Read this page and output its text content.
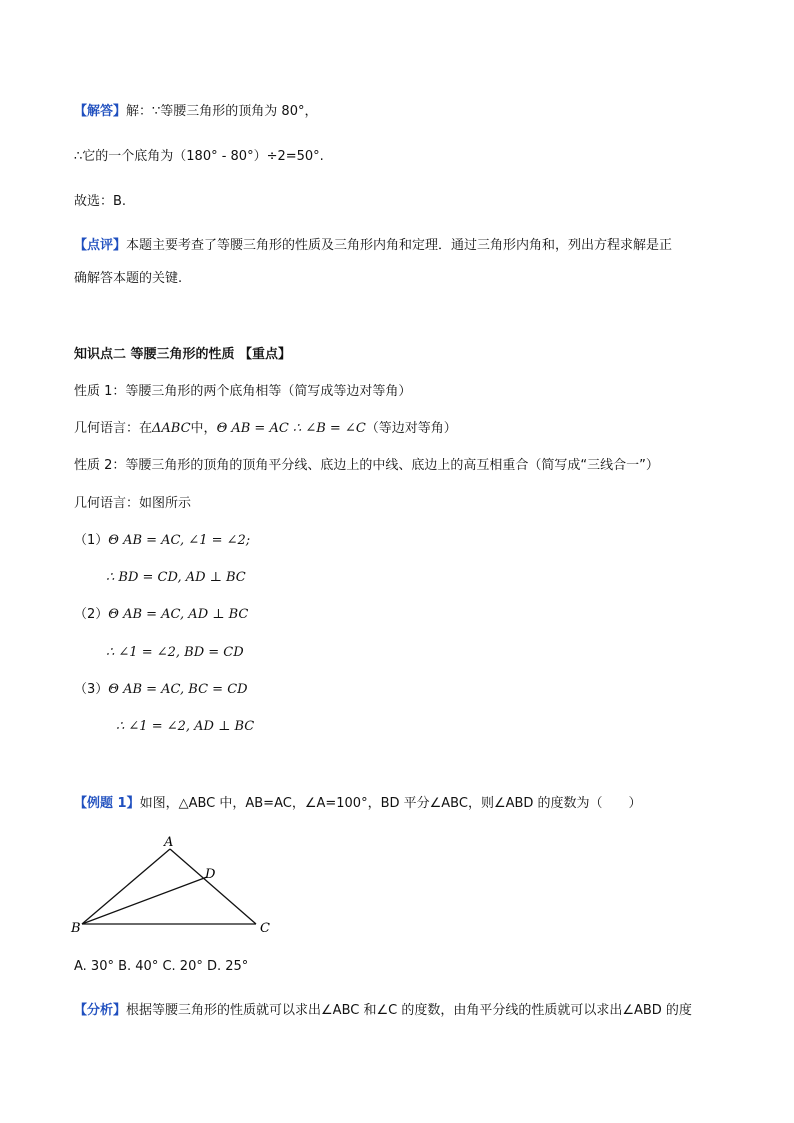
【解答】解：∵等腰三角形的顶角为 80°，
∴它的一个底角为（180° - 80°）÷2=50°.
故选：B.
【点评】本题主要考查了等腰三角形的性质及三角形内角和定理．通过三角形内角和，列出方程求解是正
确解答本题的关键.
知识点二 等腰三角形的性质 【重点】
性质 1：等腰三角形的两个底角相等（简写成等边对等角）
几何语言：在ΔABC中，Θ AB = AC ∴ ∠B = ∠C（等边对等角）
性质 2：等腰三角形的顶角的顶角平分线、底边上的中线、底边上的高互相重合（简写成“三线合一”）
几何语言：如图所示
（1）Θ AB = AC, ∠1 = ∠2;
∴ BD = CD, AD ⊥ BC
（2）Θ AB = AC, AD ⊥ BC
∴ ∠1 = ∠2, BD = CD
（3）Θ AB = AC, BC = CD
∴ ∠1 = ∠2, AD ⊥ BC
【例题 1】如图，△ABC 中，AB=AC，∠A=100°，BD 平分∠ABC，则∠ABD 的度数为（　　）
A
B	C
D
A. 30° B. 40° C. 20° D. 25°
【分析】根据等腰三角形的性质就可以求出∠ABC 和∠C 的度数，由角平分线的性质就可以求出∠ABD 的度
